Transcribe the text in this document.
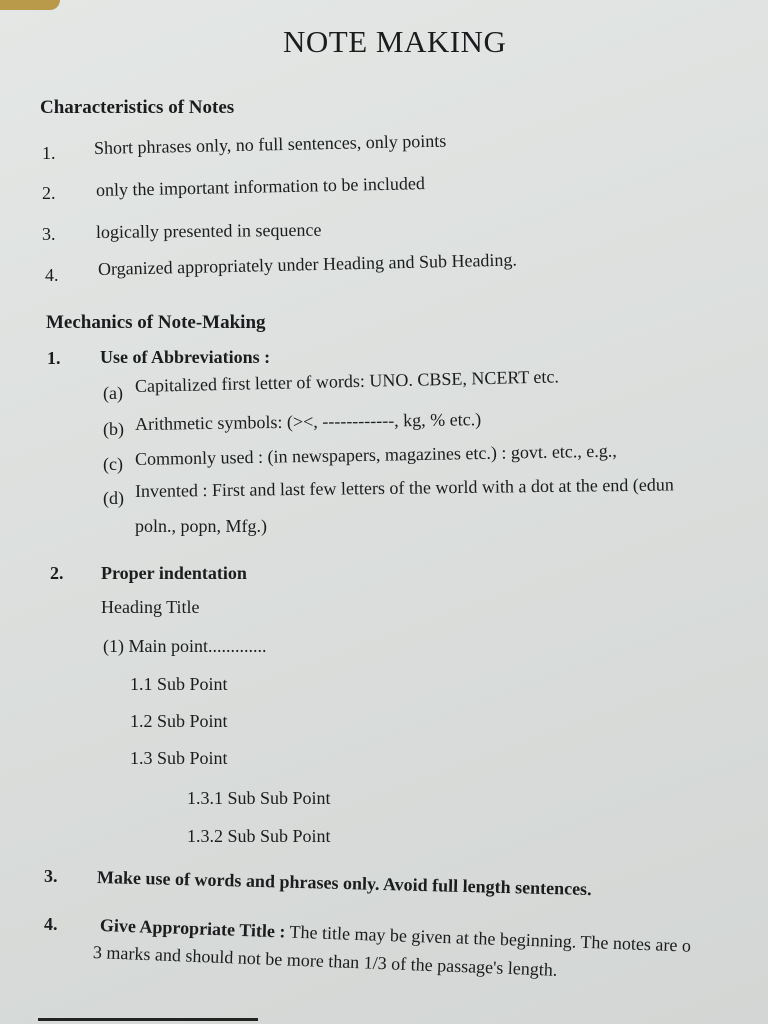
NOTE MAKING
Characteristics of Notes
1. Short phrases only, no full sentences, only points
2. only the important information to be included
3. logically presented in sequence
4. Organized appropriately under Heading and Sub Heading.
Mechanics of Note-Making
1. Use of Abbreviations :
(a) Capitalized first letter of words: UNO. CBSE, NCERT etc.
(b) Arithmetic symbols: (><, ------------, kg, % etc.)
(c) Commonly used : (in newspapers, magazines etc.) : govt. etc., e.g.,
(d) Invented : First and last few letters of the world with a dot at the end (edun
poln., popn, Mfg.)
2. Proper indentation
Heading Title
(1) Main point.............
1.1 Sub Point
1.2 Sub Point
1.3 Sub Point
1.3.1 Sub Sub Point
1.3.2 Sub Sub Point
3. Make use of words and phrases only. Avoid full length sentences.
4. Give Appropriate Title : The title may be given at the beginning. The notes are o
3 marks and should not be more than 1/3 of the passage's length.
